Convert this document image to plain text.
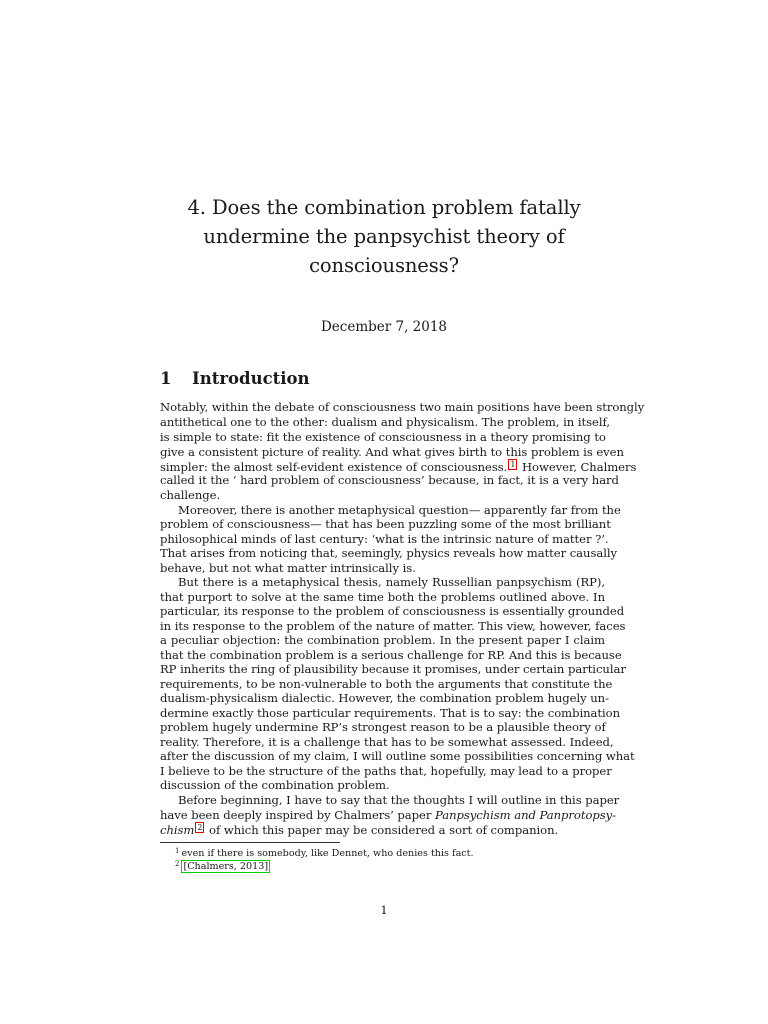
4. Does the combination problem fatally
undermine the panpsychist theory of
consciousness?
December 7, 2018
1 Introduction
Notably, within the debate of consciousness two main positions have been strongly
antithetical one to the other: dualism and physicalism. The problem, in itself,
is simple to state: fit the existence of consciousness in a theory promising to
give a consistent picture of reality. And what gives birth to this problem is even
simpler: the almost self-evident existence of consciousness. 1 However, Chalmers
called it the ‘ hard problem of consciousness’ because, in fact, it is a very hard
challenge.
Moreover, there is another metaphysical question— apparently far from the
problem of consciousness— that has been puzzling some of the most brilliant
philosophical minds of last century: ‘what is the intrinsic nature of matter ?’.
That arises from noticing that, seemingly, physics reveals how matter causally
behave, but not what matter intrinsically is.
But there is a metaphysical thesis, namely Russellian panpsychism (RP),
that purport to solve at the same time both the problems outlined above. In
particular, its response to the problem of consciousness is essentially grounded
in its response to the problem of the nature of matter. This view, however, faces
a peculiar objection: the combination problem. In the present paper I claim
that the combination problem is a serious challenge for RP. And this is because
RP inherits the ring of plausibility because it promises, under certain particular
requirements, to be non-vulnerable to both the arguments that constitute the
dualism-physicalism dialectic. However, the combination problem hugely un-
dermine exactly those particular requirements. That is to say: the combination
problem hugely undermine RP’s strongest reason to be a plausible theory of
reality. Therefore, it is a challenge that has to be somewhat assessed. Indeed,
after the discussion of my claim, I will outline some possibilities concerning what
I believe to be the structure of the paths that, hopefully, may lead to a proper
discussion of the combination problem.
Before beginning, I have to say that the thoughts I will outline in this paper
have been deeply inspired by Chalmers’ paper Panpsychism and Panprotopsy-
chism 2 of which this paper may be considered a sort of companion.
$^1$ even if there is somebody, like Dennet, who denies this fact.
$^2$ [Chalmers, 2013]
1
